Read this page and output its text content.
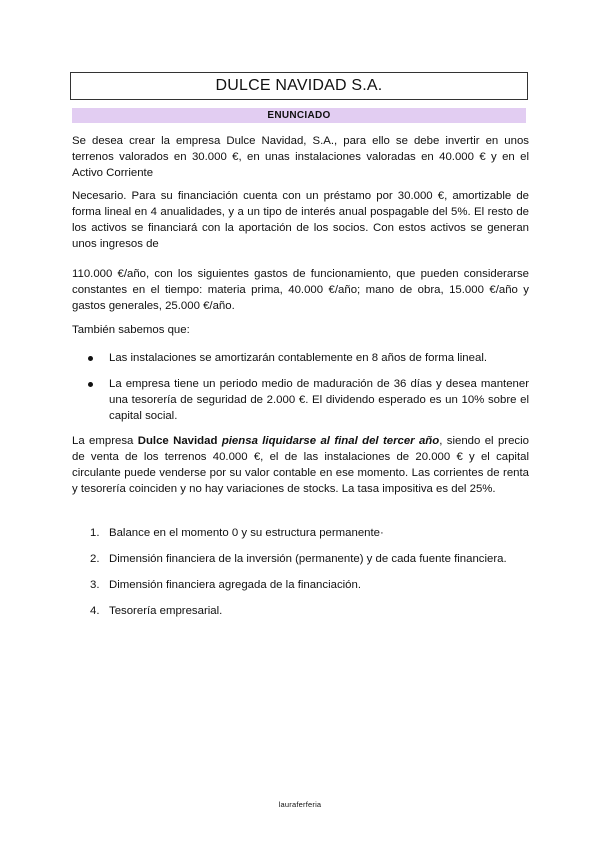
DULCE NAVIDAD S.A.
ENUNCIADO

Se desea crear la empresa Dulce Navidad, S.A., para ello se debe invertir en unos terrenos valorados en 30.000 €, en unas instalaciones valoradas en 40.000 € y en el Activo Corriente

Necesario. Para su financiación cuenta con un préstamo por 30.000 €, amortizable de forma lineal en 4 anualidades, y a un tipo de interés anual pospagable del 5%. El resto de los activos se financiará con la aportación de los socios. Con estos activos se generan unos ingresos de

110.000 €/año, con los siguientes gastos de funcionamiento, que pueden considerarse constantes en el tiempo: materia prima, 40.000 €/año; mano de obra, 15.000 €/año y gastos generales, 25.000 €/año.

También sabemos que:

Las instalaciones se amortizarán contablemente en 8 años de forma lineal.
La empresa tiene un periodo medio de maduración de 36 días y desea mantener una tesorería de seguridad de 2.000 €. El dividendo esperado es un 10% sobre el capital social.

La empresa Dulce Navidad piensa liquidarse al final del tercer año, siendo el precio de venta de los terrenos 40.000 €, el de las instalaciones de 20.000 € y el capital circulante puede venderse por su valor contable en ese momento. Las corrientes de renta y tesorería coinciden y no hay variaciones de stocks. La tasa impositiva es del 25%.

1. Balance en el momento 0 y su estructura permanente·
2. Dimensión financiera de la inversión (permanente) y de cada fuente financiera.
3. Dimensión financiera agregada de la financiación.
4. Tesorería empresarial.
lauraferferia
